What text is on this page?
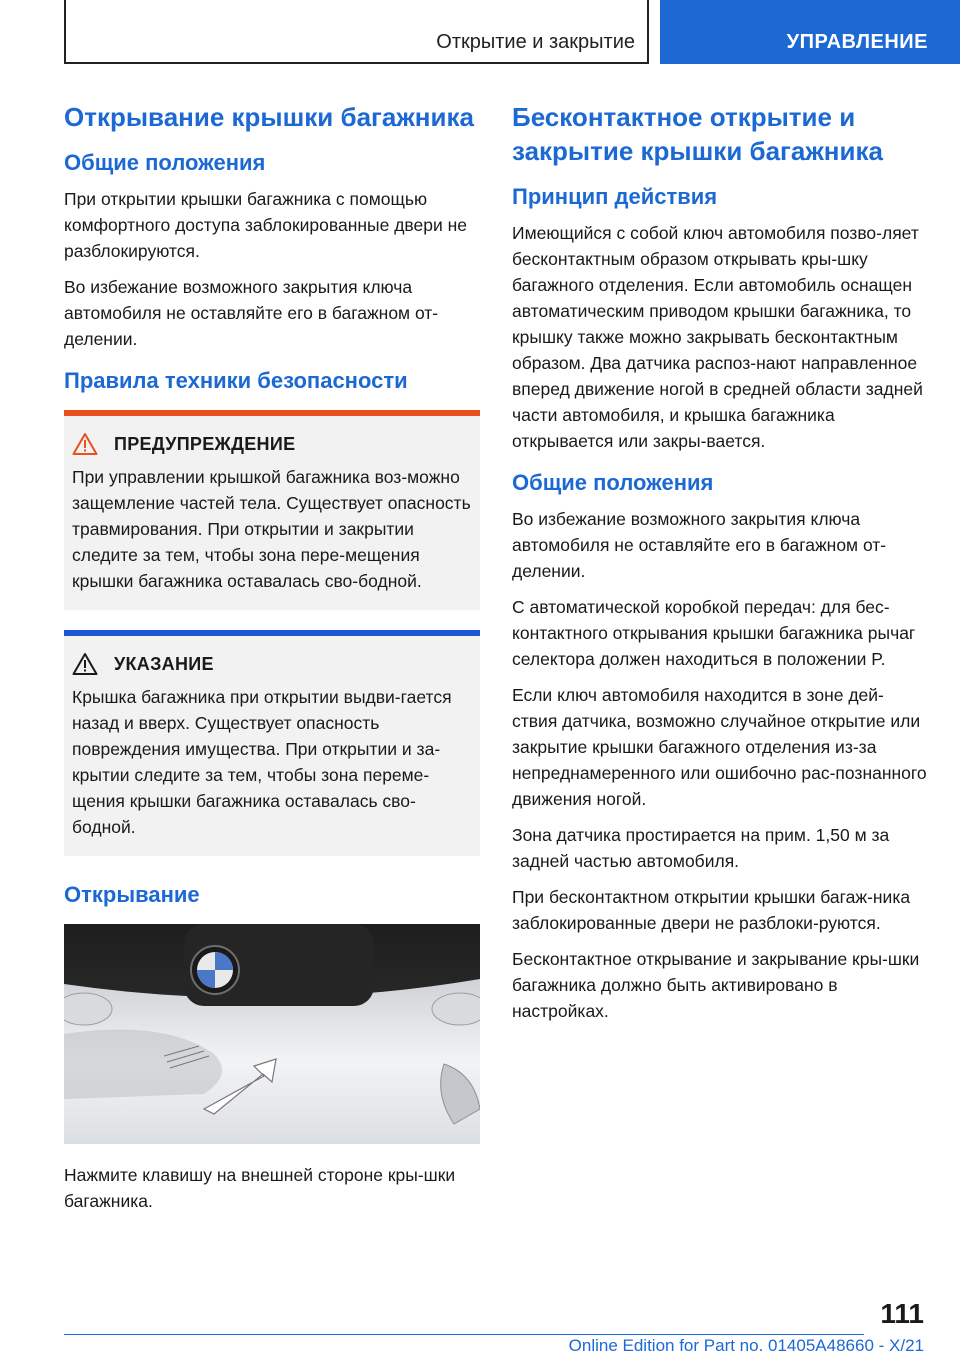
Открытие и закрытие	УПРАВЛЕНИЕ
Открывание крышки багажника
Общие положения

При открытии крышки багажника с помощью комфортного доступа заблокированные двери не разблокируются.

Во избежание возможного закрытия ключа автомобиля не оставляйте его в багажном от-делении.

Правила техники безопасности
ПРЕДУПРЕЖДЕНИЕ

При управлении крышкой багажника воз-можно защемление частей тела. Существует опасность травмирования. При открытии и закрытии следите за тем, чтобы зона пере-мещения крышки багажника оставалась сво-бодной.

УКАЗАНИЕ

Крышка багажника при открытии выдви-гается назад и вверх. Существует опасность повреждения имущества. При открытии и за-крытии следите за тем, чтобы зона переме-щения крышки багажника оставалась сво-бодной.

Открывание

Нажмите клавишу на внешней стороне кры-шки багажника.

Бесконтактное открытие и закрытие крышки багажника
Принцип действия

Имеющийся с собой ключ автомобиля позво-ляет бесконтактным образом открывать кры-шку багажного отделения. Если автомобиль оснащен автоматическим приводом крышки багажника, то крышку также можно закрывать бесконтактным образом. Два датчика распоз-нают направленное вперед движение ногой в средней области задней части автомобиля, и крышка багажника открывается или закры-вается.

Общие положения

Во избежание возможного закрытия ключа автомобиля не оставляйте его в багажном от-делении.

С автоматической коробкой передач: для бес-контактного открывания крышки багажника рычаг селектора должен находиться в положении P.

Если ключ автомобиля находится в зоне дей-ствия датчика, возможно случайное открытие или закрытие крышки багажного отделения из-за непреднамеренного или ошибочно рас-познанного движения ногой.

Зона датчика простирается на прим. 1,50 м за задней частью автомобиля.

При бесконтактном открытии крышки багаж-ника заблокированные двери не разблоки-руются.

Бесконтактное открывание и закрывание кры-шки багажника должно быть активировано в настройках.

111
Online Edition for Part no. 01405A48660 - X/21
